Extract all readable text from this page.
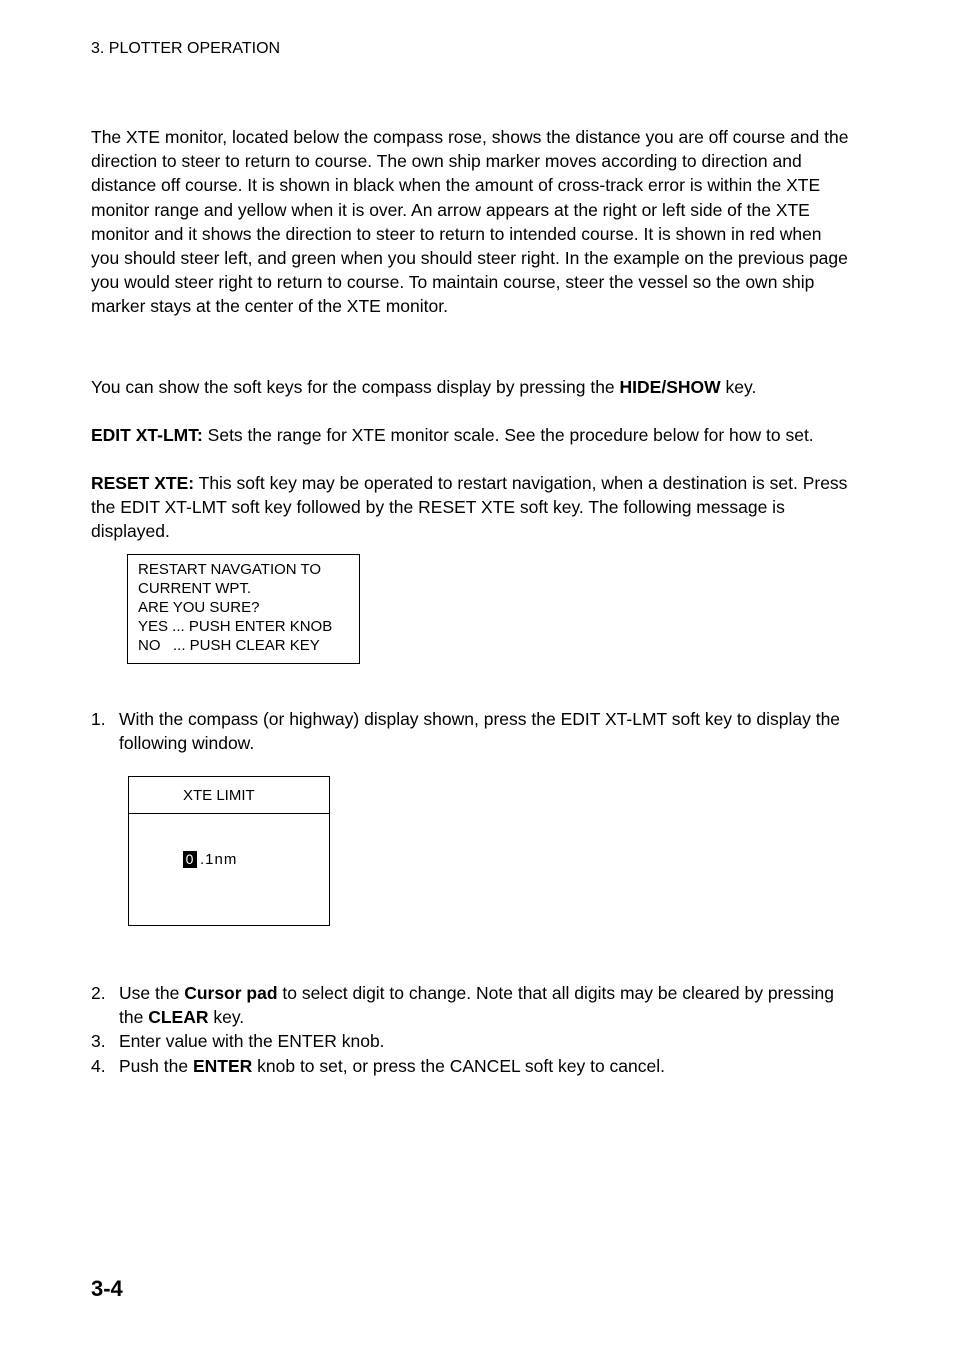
3. PLOTTER OPERATION

The XTE monitor, located below the compass rose, shows the distance you are off course and the direction to steer to return to course. The own ship marker moves according to direction and distance off course. It is shown in black when the amount of cross-track error is within the XTE monitor range and yellow when it is over. An arrow appears at the right or left side of the XTE monitor and it shows the direction to steer to return to intended course. It is shown in red when you should steer left, and green when you should steer right. In the example on the previous page you would steer right to return to course. To maintain course, steer the vessel so the own ship marker stays at the center of the XTE monitor.

You can show the soft keys for the compass display by pressing the HIDE/SHOW key.

EDIT XT-LMT: Sets the range for XTE monitor scale. See the procedure below for how to set.

RESET XTE: This soft key may be operated to restart navigation, when a destination is set. Press the EDIT XT-LMT soft key followed by the RESET XTE soft key. The following message is displayed.

RESTART NAVGATION TO
CURRENT WPT.
ARE YOU SURE?
YES ... PUSH ENTER KNOB
NO   ... PUSH CLEAR KEY
1. With the compass (or highway) display shown, press the EDIT XT-LMT soft key to display the following window.
XTE LIMIT
0 .1nm
2. Use the Cursor pad to select digit to change. Note that all digits may be cleared by pressing the CLEAR key.
3. Enter value with the ENTER knob.
4. Push the ENTER knob to set, or press the CANCEL soft key to cancel.
3-4
